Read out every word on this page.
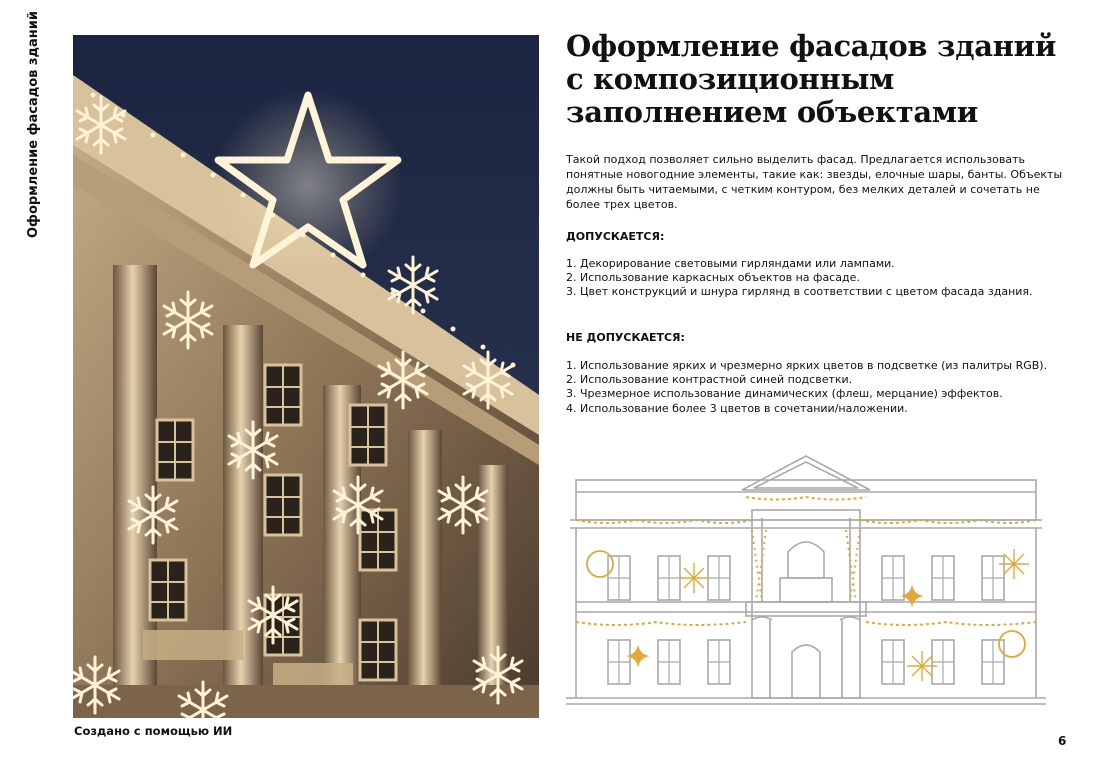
Оформление фасадов зданий
Создано с помощью ИИ
Оформление фасадов зданий с композиционным заполнением объектами
Такой подход позволяет сильно выделить фасад. Предлагается использовать понятные новогодние элементы, такие как: звезды, елочные шары, банты. Объекты должны быть читаемыми, с четким контуром, без мелких деталей и сочетать не более трех цветов.
ДОПУСКАЕТСЯ:
1. Декорирование световыми гирляндами или лампами.
2. Использование каркасных объектов на фасаде.
3. Цвет конструкций и шнура гирлянд в соответствии с цветом фасада здания.
НЕ ДОПУСКАЕТСЯ:
1. Использование ярких и чрезмерно ярких цветов в подсветке (из палитры RGB).
2. Использование контрастной синей подсветки.
3. Чрезмерное использование динамических (флеш, мерцание) эффектов.
4. Использование более 3 цветов в сочетании/наложении.
6
